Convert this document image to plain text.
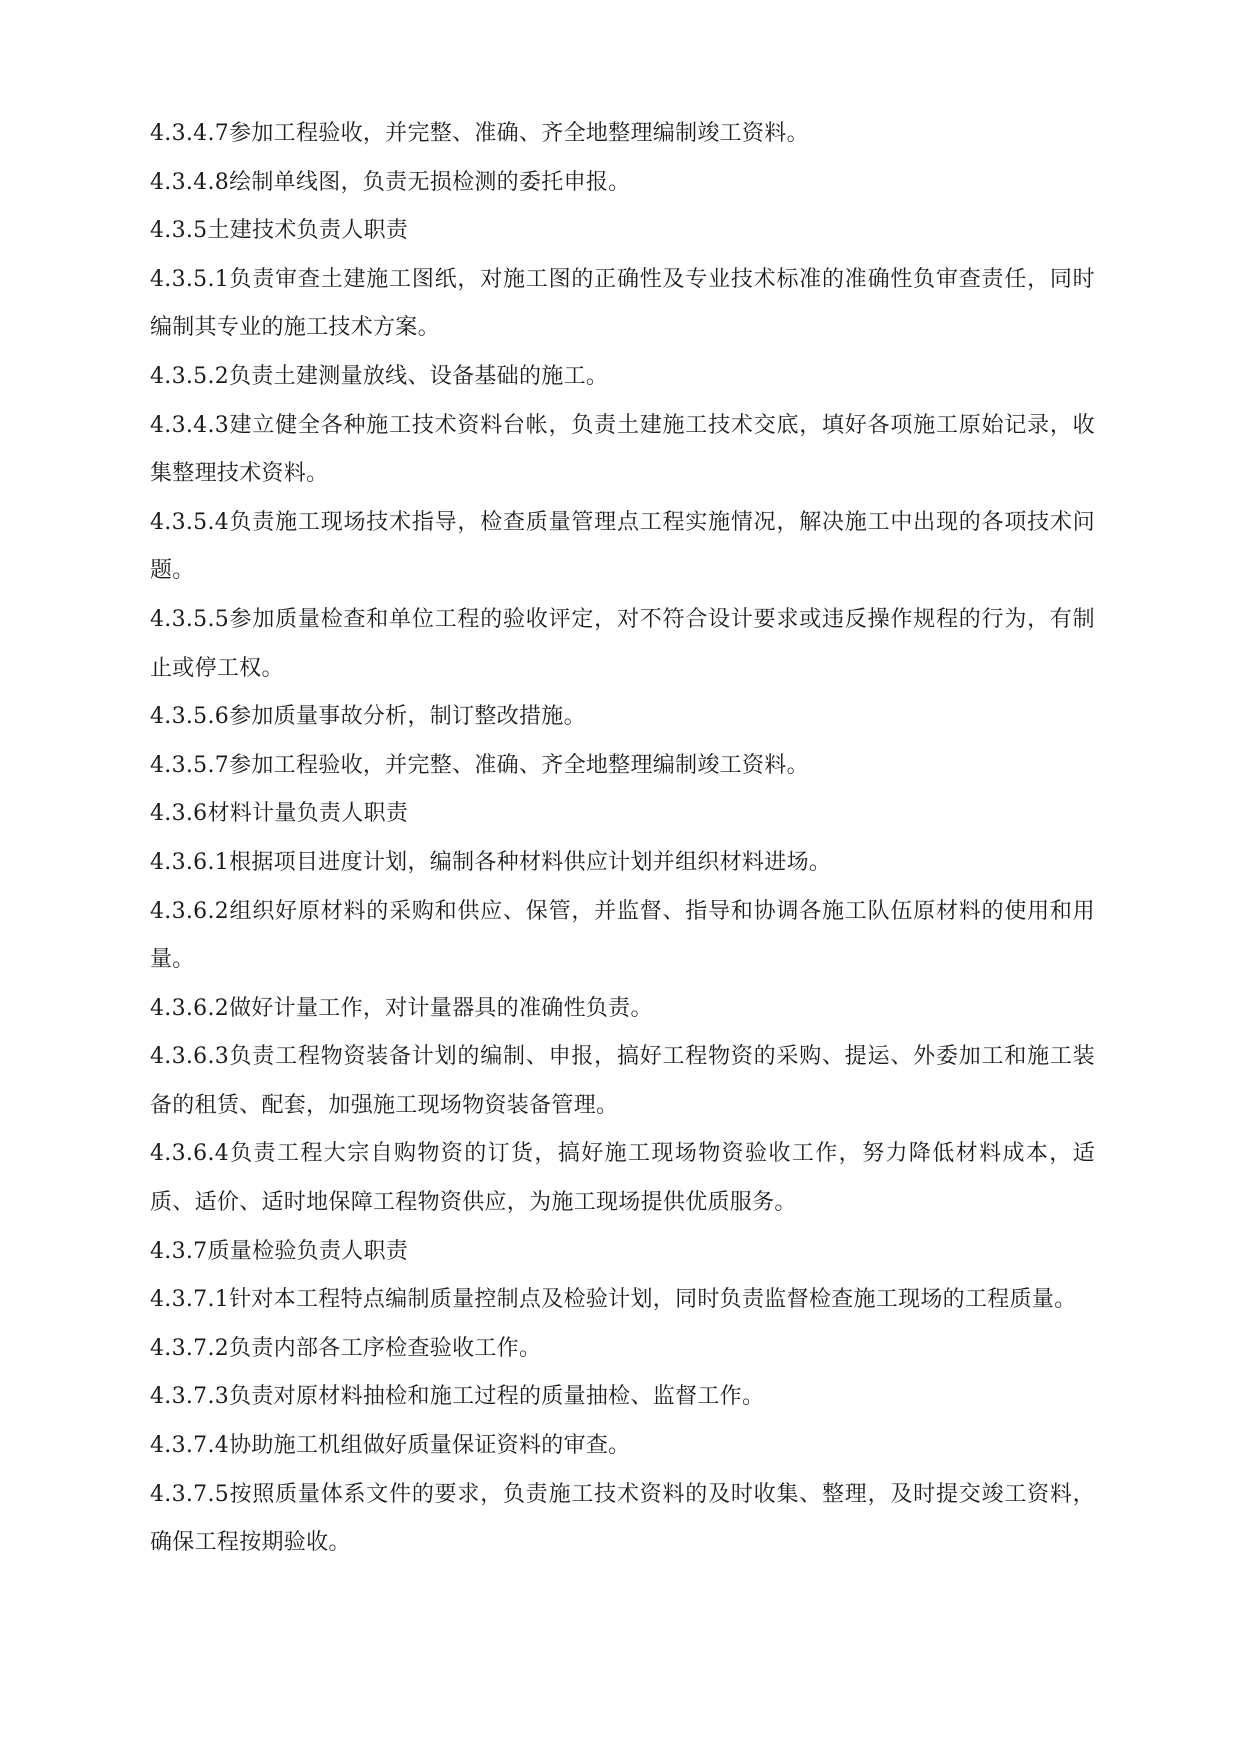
4.3.4.7参加工程验收，并完整、准确、齐全地整理编制竣工资料。

4.3.4.8绘制单线图，负责无损检测的委托申报。

4.3.5土建技术负责人职责

4.3.5.1负责审查土建施工图纸，对施工图的正确性及专业技术标准的准确性负审查责任，同时编制其专业的施工技术方案。

4.3.5.2负责土建测量放线、设备基础的施工。

4.3.4.3建立健全各种施工技术资料台帐，负责土建施工技术交底，填好各项施工原始记录，收集整理技术资料。

4.3.5.4负责施工现场技术指导，检查质量管理点工程实施情况，解决施工中出现的各项技术问题。

4.3.5.5参加质量检查和单位工程的验收评定，对不符合设计要求或违反操作规程的行为，有制止或停工权。

4.3.5.6参加质量事故分析，制订整改措施。

4.3.5.7参加工程验收，并完整、准确、齐全地整理编制竣工资料。

4.3.6材料计量负责人职责

4.3.6.1根据项目进度计划，编制各种材料供应计划并组织材料进场。

4.3.6.2组织好原材料的采购和供应、保管，并监督、指导和协调各施工队伍原材料的使用和用量。

4.3.6.2做好计量工作，对计量器具的准确性负责。

4.3.6.3负责工程物资装备计划的编制、申报，搞好工程物资的采购、提运、外委加工和施工装备的租赁、配套，加强施工现场物资装备管理。

4.3.6.4负责工程大宗自购物资的订货，搞好施工现场物资验收工作，努力降低材料成本，适质、适价、适时地保障工程物资供应，为施工现场提供优质服务。

4.3.7质量检验负责人职责

4.3.7.1针对本工程特点编制质量控制点及检验计划，同时负责监督检查施工现场的工程质量。

4.3.7.2负责内部各工序检查验收工作。

4.3.7.3负责对原材料抽检和施工过程的质量抽检、监督工作。

4.3.7.4协助施工机组做好质量保证资料的审查。

4.3.7.5按照质量体系文件的要求，负责施工技术资料的及时收集、整理，及时提交竣工资料，确保工程按期验收。
